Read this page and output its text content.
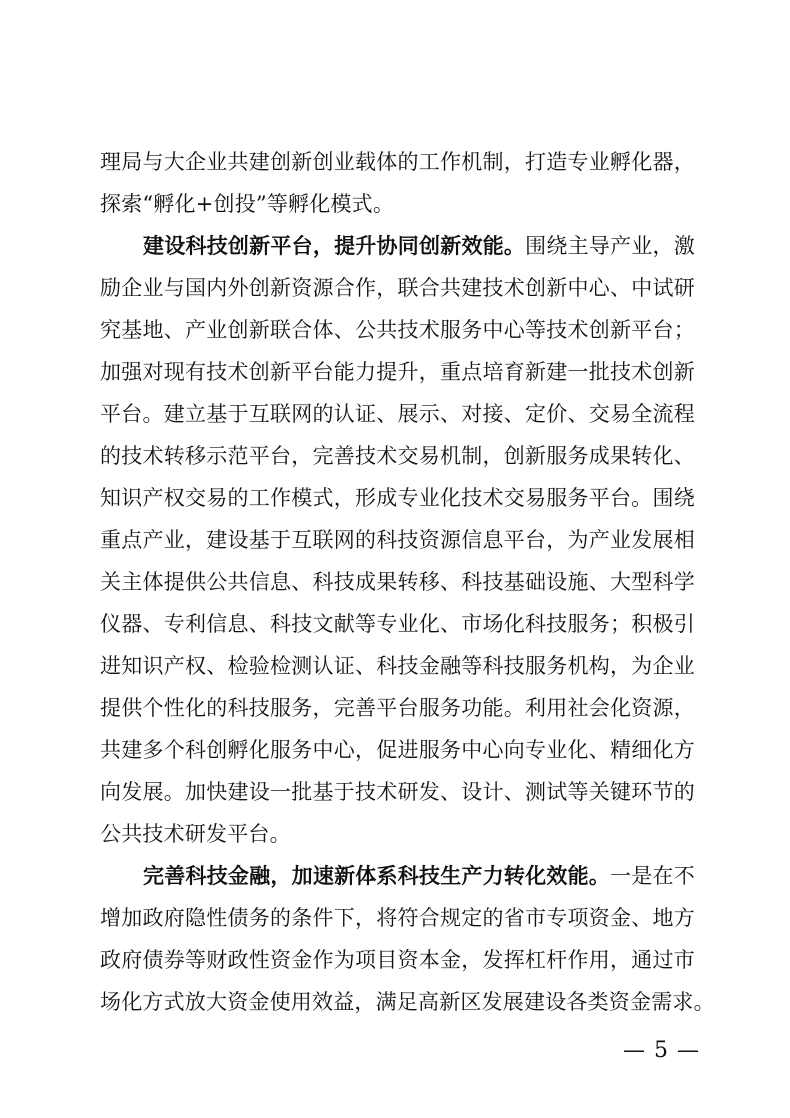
理局与大企业共建创新创业载体的工作机制，打造专业孵化器，
探索“孵化+创投”等孵化模式。
建设科技创新平台，提升协同创新效能。围绕主导产业，激
励企业与国内外创新资源合作，联合共建技术创新中心、中试研
究基地、产业创新联合体、公共技术服务中心等技术创新平台；
加强对现有技术创新平台能力提升，重点培育新建一批技术创新
平台。建立基于互联网的认证、展示、对接、定价、交易全流程
的技术转移示范平台，完善技术交易机制，创新服务成果转化、
知识产权交易的工作模式，形成专业化技术交易服务平台。围绕
重点产业，建设基于互联网的科技资源信息平台，为产业发展相
关主体提供公共信息、科技成果转移、科技基础设施、大型科学
仪器、专利信息、科技文献等专业化、市场化科技服务；积极引
进知识产权、检验检测认证、科技金融等科技服务机构，为企业
提供个性化的科技服务，完善平台服务功能。利用社会化资源，
共建多个科创孵化服务中心，促进服务中心向专业化、精细化方
向发展。加快建设一批基于技术研发、设计、测试等关键环节的
公共技术研发平台。
完善科技金融，加速新体系科技生产力转化效能。一是在不
增加政府隐性债务的条件下，将符合规定的省市专项资金、地方
政府债券等财政性资金作为项目资本金，发挥杠杆作用，通过市
场化方式放大资金使用效益，满足高新区发展建设各类资金需求。
— 5 —
